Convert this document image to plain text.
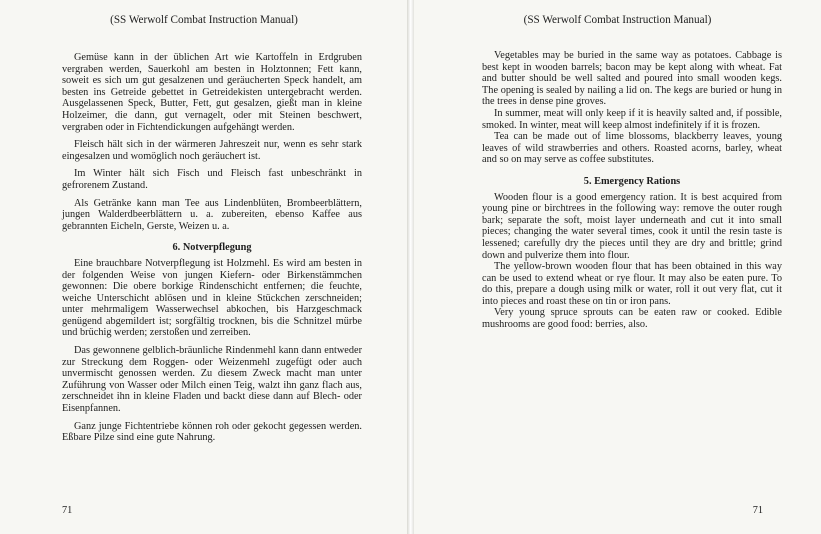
(SS Werwolf Combat Instruction Manual)

Gemüse kann in der üblichen Art wie Kartoffeln in Erdgruben vergraben werden, Sauerkohl am besten in Holztonnen; Fett kann, soweit es sich um gut gesalzenen und geräucherten Speck handelt, am besten ins Getreide gebettet in Getreidekisten untergebracht werden. Ausgelassenen Speck, Butter, Fett, gut gesalzen, gießt man in kleine Holzeimer, die dann, gut vernagelt, oder mit Steinen beschwert, vergraben oder in Fichtendickungen aufgehängt werden.

Fleisch hält sich in der wärmeren Jahreszeit nur, wenn es sehr stark eingesalzen und womöglich noch geräuchert ist.

Im Winter hält sich Fisch und Fleisch fast unbeschränkt in gefrorenem Zustand.

Als Getränke kann man Tee aus Lindenblüten, Brombeerblättern, jungen Walderdbeerblättern u. a. zubereiten, ebenso Kaffee aus gebrannten Eicheln, Gerste, Weizen u. a.

6. Notverpflegung

Eine brauchbare Notverpflegung ist Holzmehl. Es wird am besten in der folgenden Weise von jungen Kiefern- oder Birkenstämmchen gewonnen: Die obere borkige Rindenschicht entfernen; die feuchte, weiche Unterschicht ablösen und in kleine Stückchen zerschneiden; unter mehrmaligem Wasserwechsel abkochen, bis Harzgeschmack genügend abgemildert ist; sorgfältig trocknen, bis die Schnitzel mürbe und brüchig werden; zerstoßen und zerreiben.

Das gewonnene gelblich-bräunliche Rindenmehl kann dann entweder zur Streckung dem Roggen- oder Weizenmehl zugefügt oder auch unvermischt genossen werden. Zu diesem Zweck macht man unter Zuführung von Wasser oder Milch einen Teig, walzt ihn ganz flach aus, zerschneidet ihn in kleine Fladen und backt diese dann auf Blech- oder Eisenpfannen.

Ganz junge Fichtentriebe können roh oder gekocht gegessen werden. Eßbare Pilze sind eine gute Nahrung.

71
(SS Werwolf Combat Instruction Manual)

Vegetables may be buried in the same way as potatoes. Cabbage is best kept in wooden barrels; bacon may be kept along with wheat. Fat and butter should be well salted and poured into small wooden kegs. The opening is sealed by nailing a lid on. The kegs are buried or hung in the trees in dense pine groves.

In summer, meat will only keep if it is heavily salted and, if possible, smoked. In winter, meat will keep almost indefinitely if it is frozen.

Tea can be made out of lime blossoms, blackberry leaves, young leaves of wild strawberries and others. Roasted acorns, barley, wheat and so on may serve as coffee substitutes.

5. Emergency Rations

Wooden flour is a good emergency ration. It is best acquired from young pine or birchtrees in the following way: remove the outer rough bark; separate the soft, moist layer underneath and cut it into small pieces; changing the water several times, cook it until the resin taste is lessened; carefully dry the pieces until they are dry and brittle; grind down and pulverize them into flour.

The yellow-brown wooden flour that has been obtained in this way can be used to extend wheat or rye flour. It may also be eaten pure. To do this, prepare a dough using milk or water, roll it out very flat, cut it into pieces and roast these on tin or iron pans.

Very young spruce sprouts can be eaten raw or cooked. Edible mushrooms are good food: berries, also.

71
